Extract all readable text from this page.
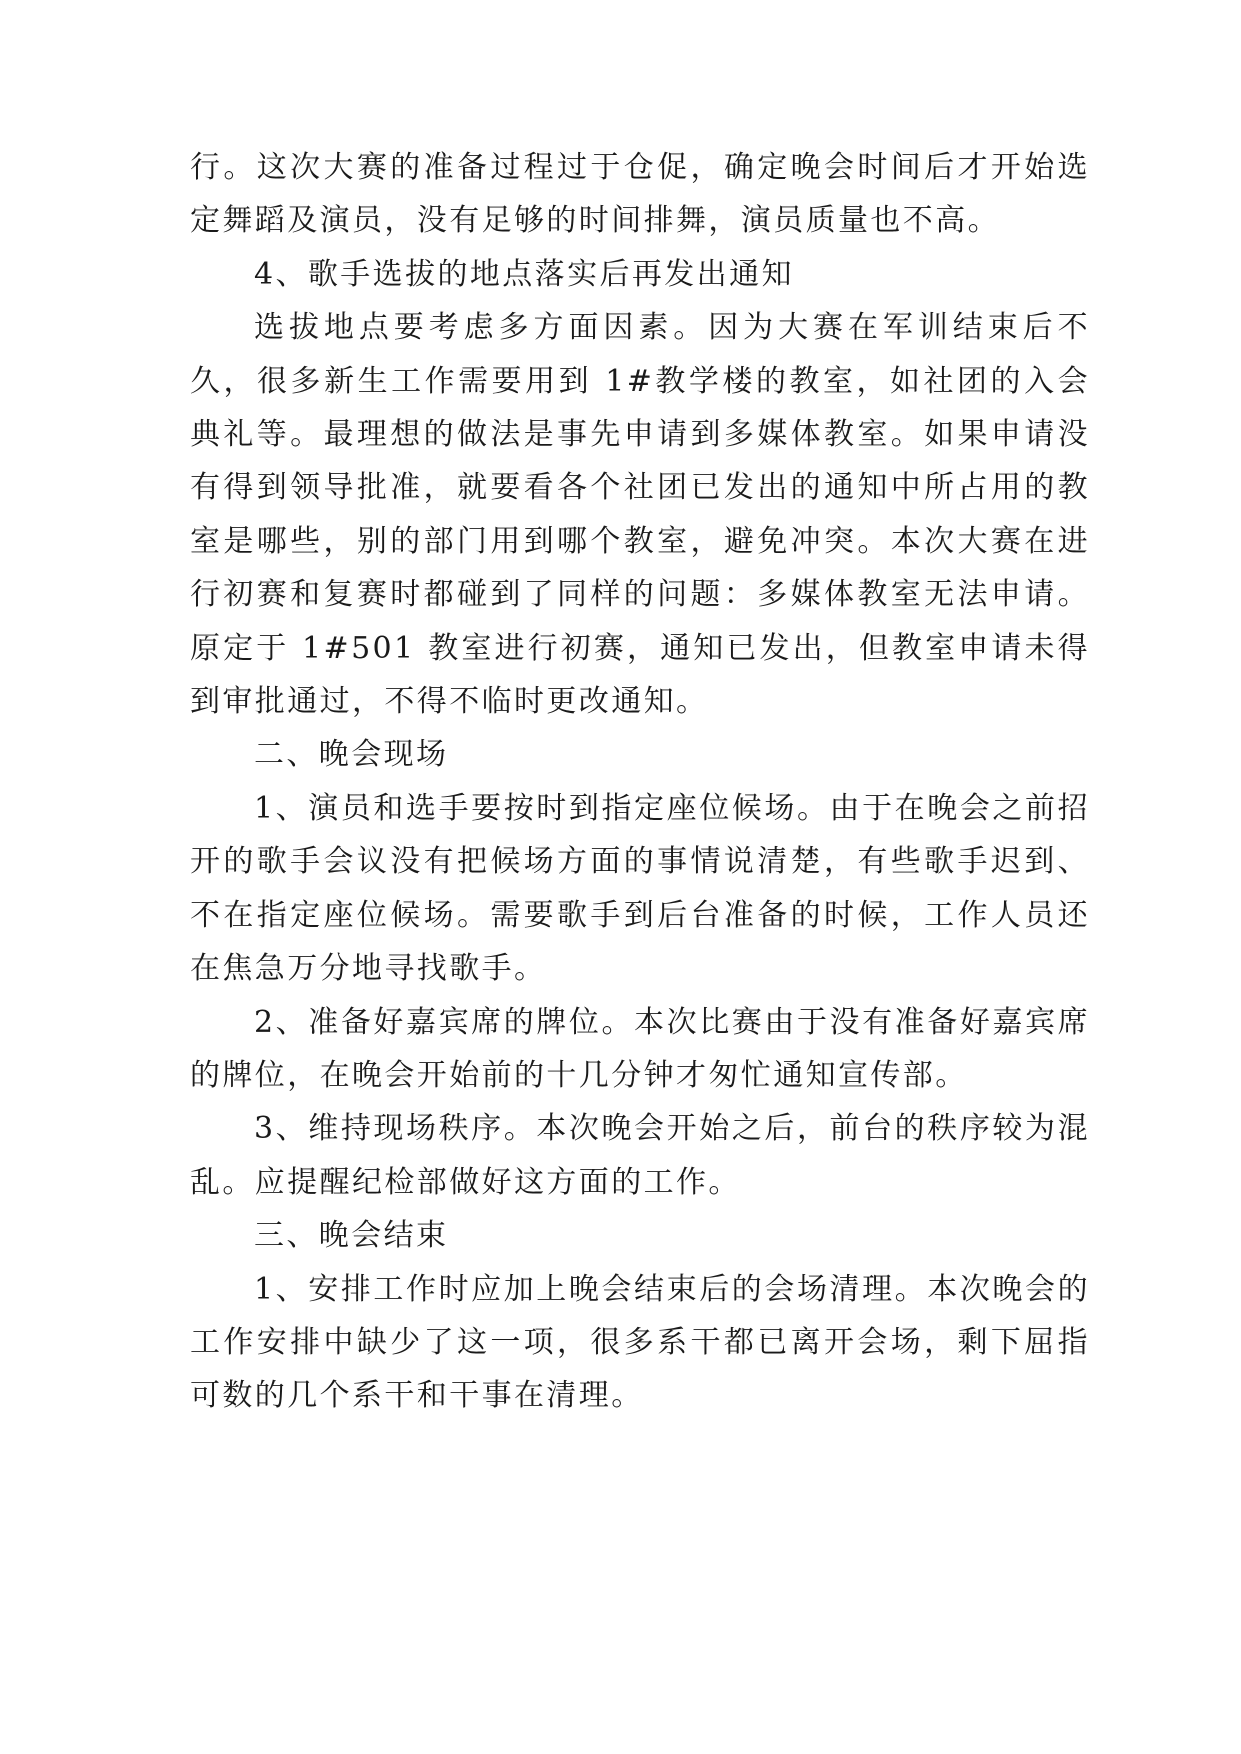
行。这次大赛的准备过程过于仓促，确定晚会时间后才开始选定舞蹈及演员，没有足够的时间排舞，演员质量也不高。

4、歌手选拔的地点落实后再发出通知

选拔地点要考虑多方面因素。因为大赛在军训结束后不久，很多新生工作需要用到 1#教学楼的教室，如社团的入会典礼等。最理想的做法是事先申请到多媒体教室。如果申请没有得到领导批准，就要看各个社团已发出的通知中所占用的教室是哪些，别的部门用到哪个教室，避免冲突。本次大赛在进行初赛和复赛时都碰到了同样的问题：多媒体教室无法申请。原定于 1#501 教室进行初赛，通知已发出，但教室申请未得到审批通过，不得不临时更改通知。

二、晚会现场

1、演员和选手要按时到指定座位候场。由于在晚会之前招开的歌手会议没有把候场方面的事情说清楚，有些歌手迟到、不在指定座位候场。需要歌手到后台准备的时候，工作人员还在焦急万分地寻找歌手。

2、准备好嘉宾席的牌位。本次比赛由于没有准备好嘉宾席的牌位，在晚会开始前的十几分钟才匆忙通知宣传部。

3、维持现场秩序。本次晚会开始之后，前台的秩序较为混乱。应提醒纪检部做好这方面的工作。

三、晚会结束

1、安排工作时应加上晚会结束后的会场清理。本次晚会的工作安排中缺少了这一项，很多系干都已离开会场，剩下屈指可数的几个系干和干事在清理。
